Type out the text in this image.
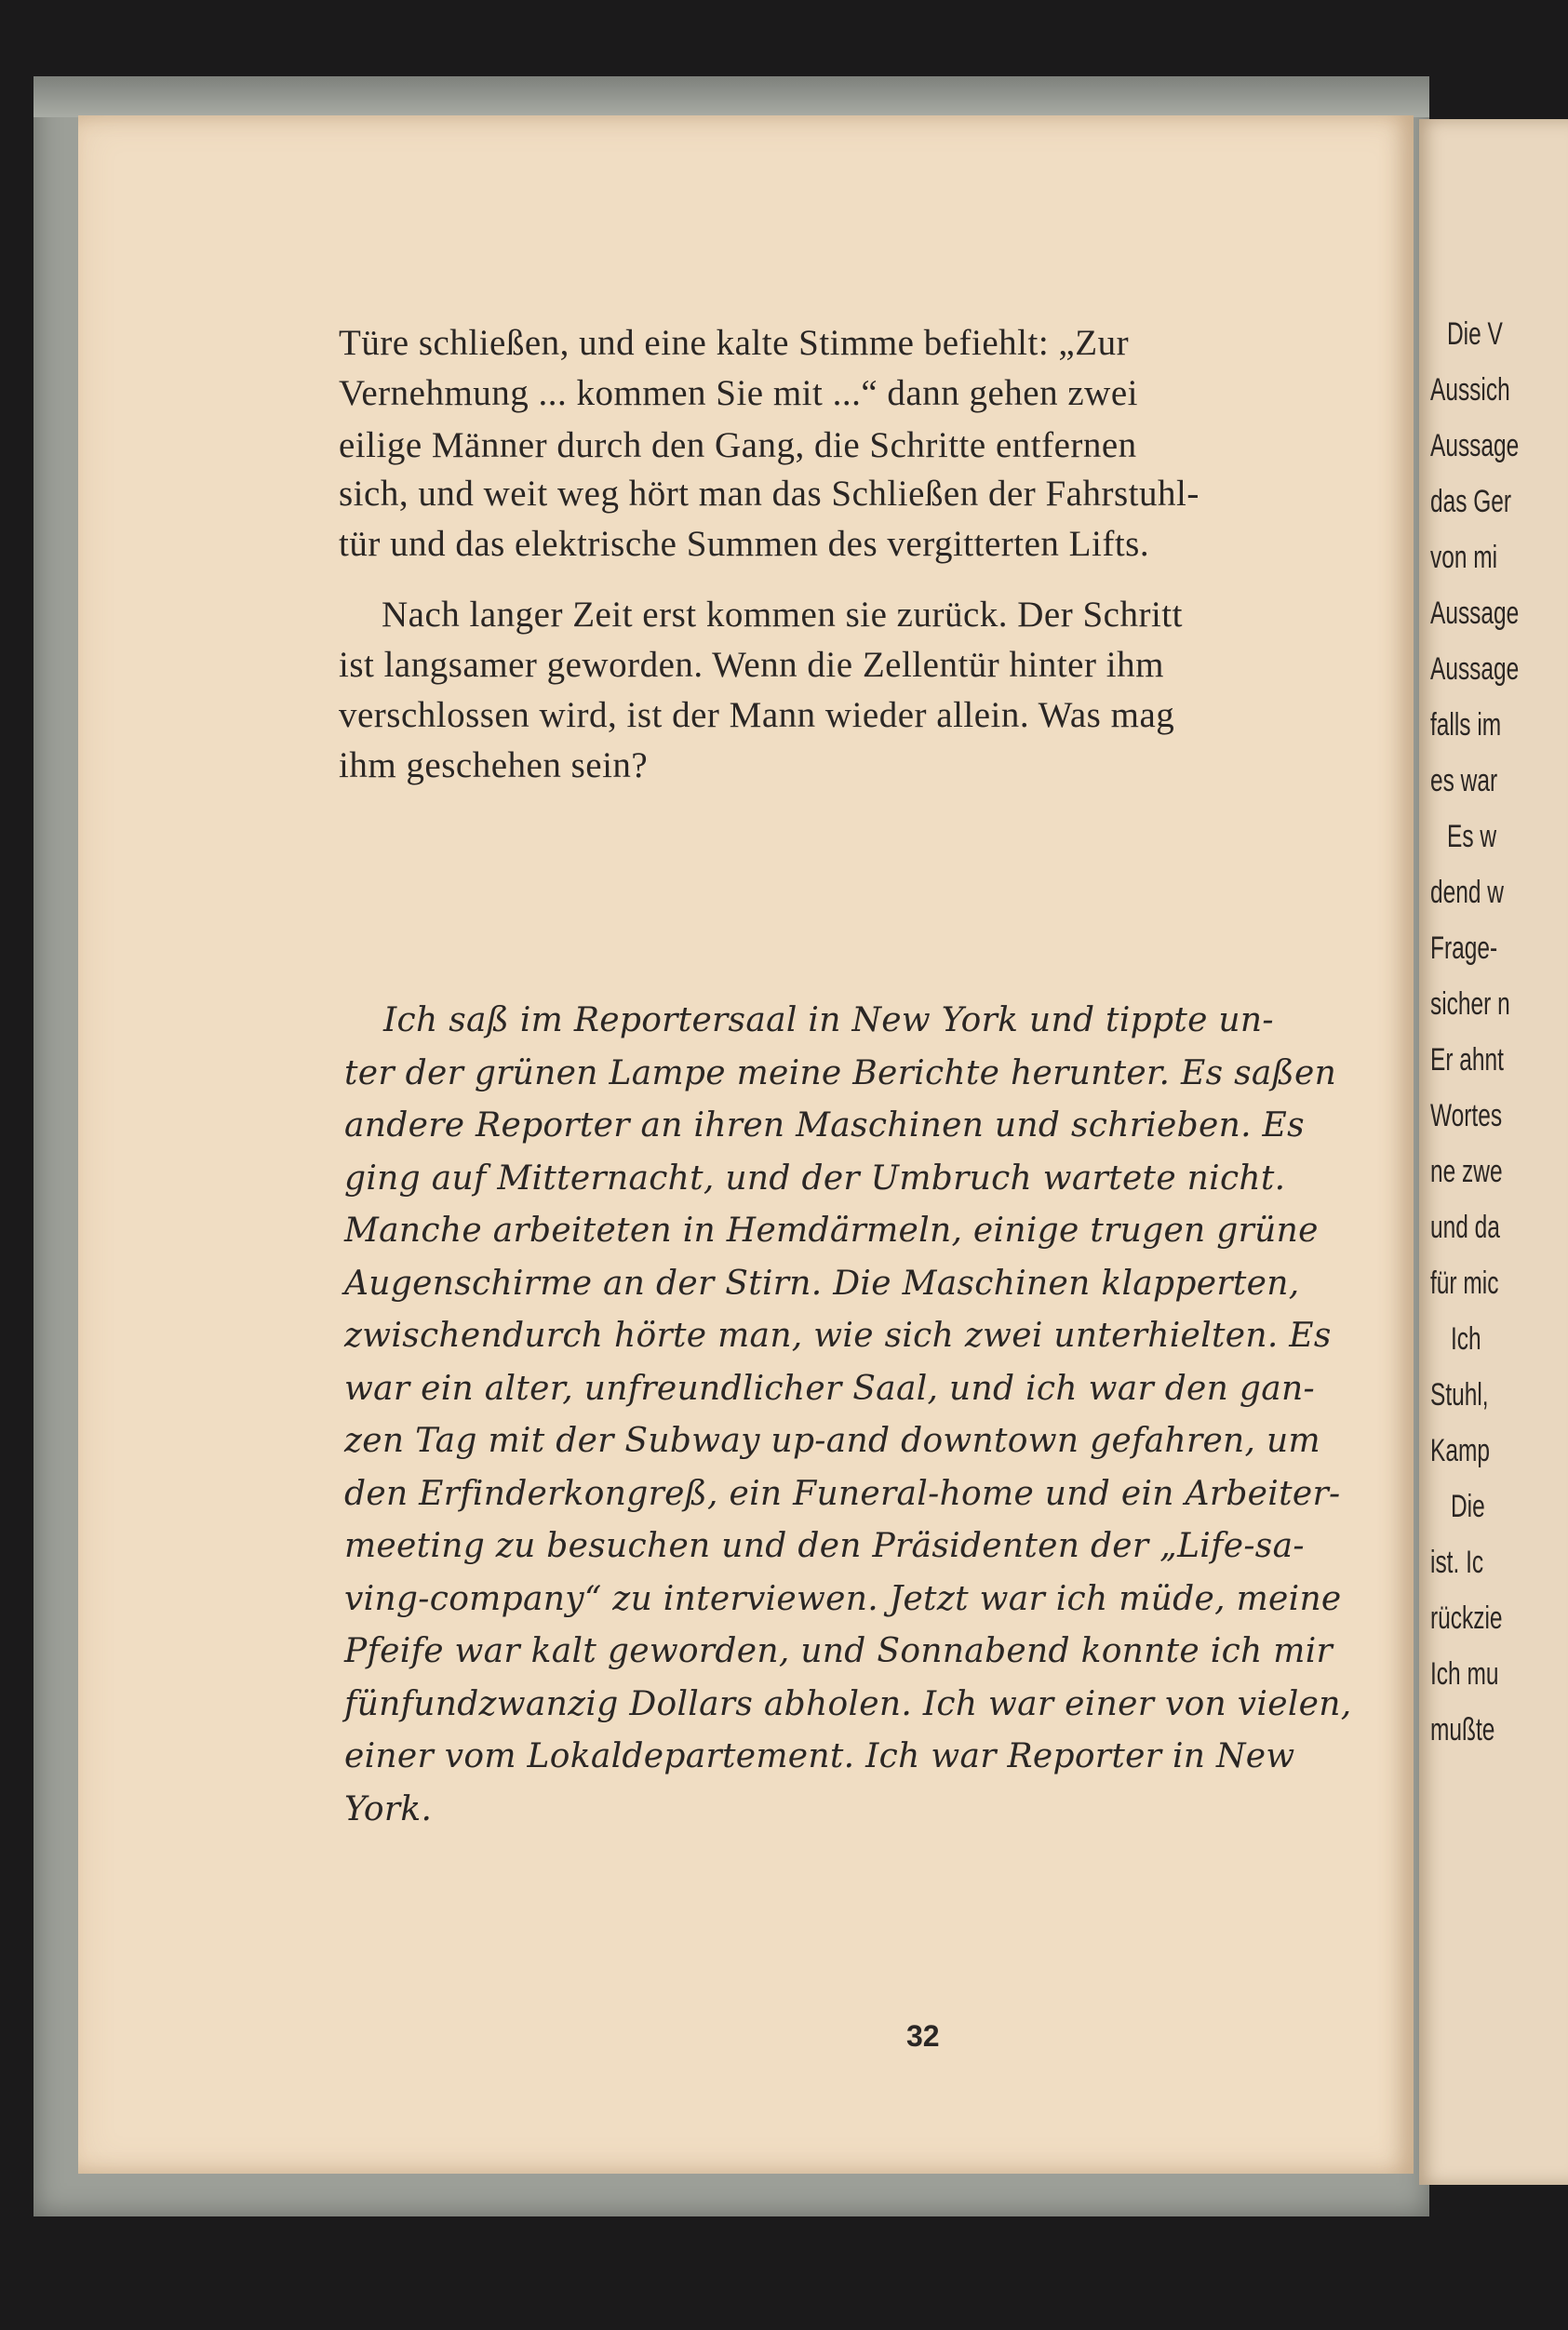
Die V
Aussich
Aussage
das Ger
von mi
Aussage
Aussage
falls im
es war
Es w
dend w
Frage-
sicher n
Er ahnt
Wortes
ne zwe
und da
für mic
Ich
Stuhl,
Kamp
Die
ist. Ic
rückzie
Ich mu
mußte
Türe schließen, und eine kalte Stimme befiehlt: „Zur
Vernehmung ... kommen Sie mit ...“ dann gehen zwei
eilige Männer durch den Gang, die Schritte entfernen
sich, und weit weg hört man das Schließen der Fahrstuhl-
tür und das elektrische Summen des vergitterten Lifts.
Nach langer Zeit erst kommen sie zurück. Der Schritt
ist langsamer geworden. Wenn die Zellentür hinter ihm
verschlossen wird, ist der Mann wieder allein. Was mag
ihm geschehen sein?
Ich saß im Reportersaal in New York und tippte un-
ter der grünen Lampe meine Berichte herunter. Es saßen
andere Reporter an ihren Maschinen und schrieben. Es
ging auf Mitternacht, und der Umbruch wartete nicht.
Manche arbeiteten in Hemdärmeln, einige trugen grüne
Augenschirme an der Stirn. Die Maschinen klapperten,
zwischendurch hörte man, wie sich zwei unterhielten. Es
war ein alter, unfreundlicher Saal, und ich war den gan-
zen Tag mit der Subway up-and downtown gefahren, um
den Erfinderkongreß, ein Funeral-home und ein Arbeiter-
meeting zu besuchen und den Präsidenten der „Life-sa-
ving-company“ zu interviewen. Jetzt war ich müde, meine
Pfeife war kalt geworden, und Sonnabend konnte ich mir
fünfundzwanzig Dollars abholen. Ich war einer von vielen,
einer vom Lokaldepartement. Ich war Reporter in New
York.
32
